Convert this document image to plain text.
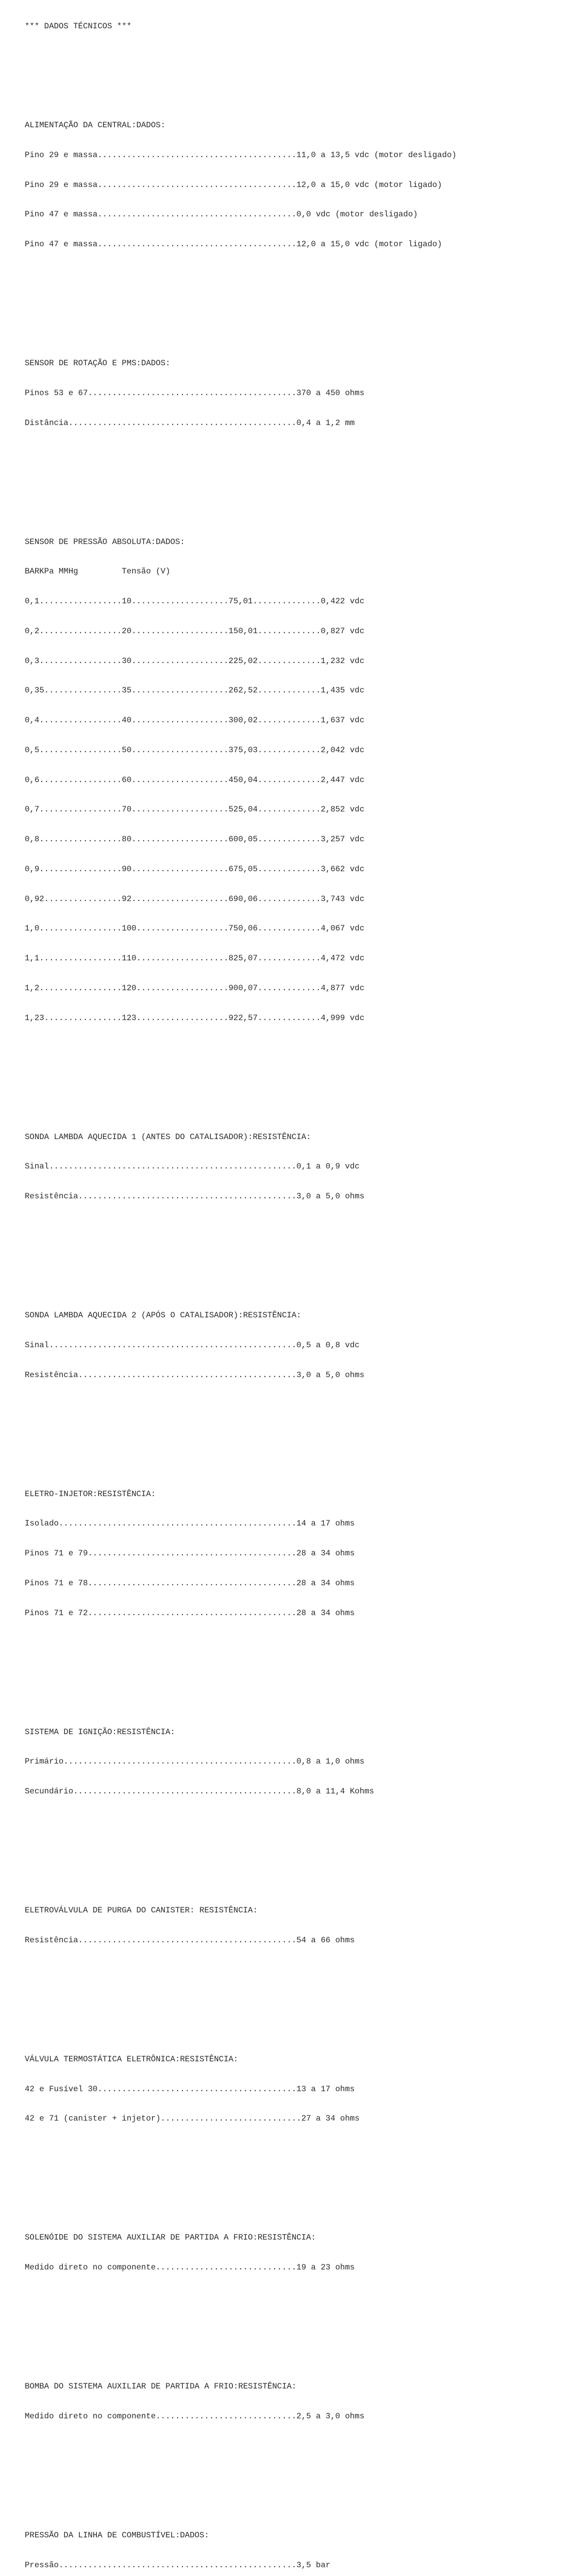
*** DADOS TÉCNICOS ***

ALIMENTAÇÃO DA CENTRAL:DADOS:

Pino 29 e massa.........................................11,0 a 13,5 vdc (motor desligado)

Pino 29 e massa.........................................12,0 a 15,0 vdc (motor ligado)

Pino 47 e massa.........................................0,0 vdc (motor desligado)

Pino 47 e massa.........................................12,0 a 15,0 vdc (motor ligado)

SENSOR DE ROTAÇÃO E PMS:DADOS:

Pinos 53 e 67...........................................370 a 450 ohms

Distância...............................................0,4 a 1,2 mm

SENSOR DE PRESSÃO ABSOLUTA:DADOS:

BARKPa MMHg         Tensão (V)

0,1.................10....................75,01..............0,422 vdc

0,2.................20....................150,01.............0,827 vdc

0,3.................30....................225,02.............1,232 vdc

0,35................35....................262,52.............1,435 vdc

0,4.................40....................300,02.............1,637 vdc

0,5.................50....................375,03.............2,042 vdc

0,6.................60....................450,04.............2,447 vdc

0,7.................70....................525,04.............2,852 vdc

0,8.................80....................600,05.............3,257 vdc

0,9.................90....................675,05.............3,662 vdc

0,92................92....................690,06.............3,743 vdc

1,0.................100...................750,06.............4,067 vdc

1,1.................110...................825,07.............4,472 vdc

1,2.................120...................900,07.............4,877 vdc

1,23................123...................922,57.............4,999 vdc

SONDA LAMBDA AQUECIDA 1 (ANTES DO CATALISADOR):RESISTÊNCIA:

Sinal...................................................0,1 a 0,9 vdc

Resistência.............................................3,0 a 5,0 ohms

SONDA LAMBDA AQUECIDA 2 (APÓS O CATALISADOR):RESISTÊNCIA:

Sinal...................................................0,5 a 0,8 vdc

Resistência.............................................3,0 a 5,0 ohms

ELETRO-INJETOR:RESISTÊNCIA:

Isolado.................................................14 a 17 ohms

Pinos 71 e 79...........................................28 a 34 ohms

Pinos 71 e 78...........................................28 a 34 ohms

Pinos 71 e 72...........................................28 a 34 ohms

SISTEMA DE IGNIÇÃO:RESISTÊNCIA:

Primário................................................0,8 a 1,0 ohms

Secundário..............................................8,0 a 11,4 Kohms

ELETROVÁLVULA DE PURGA DO CANISTER: RESISTÊNCIA:

Resistência.............................................54 a 66 ohms

VÁLVULA TERMOSTÁTICA ELETRÔNICA:RESISTÊNCIA:

42 e Fusível 30.........................................13 a 17 ohms

42 e 71 (canister + injetor).............................27 a 34 ohms

SOLENÓIDE DO SISTEMA AUXILIAR DE PARTIDA A FRIO:RESISTÊNCIA:

Medido direto no componente.............................19 a 23 ohms

BOMBA DO SISTEMA AUXILIAR DE PARTIDA A FRIO:RESISTÊNCIA:

Medido direto no componente.............................2,5 a 3,0 ohms

PRESSÃO DA LINHA DE COMBUSTÍVEL:DADOS:

Pressão.................................................3,5 bar
